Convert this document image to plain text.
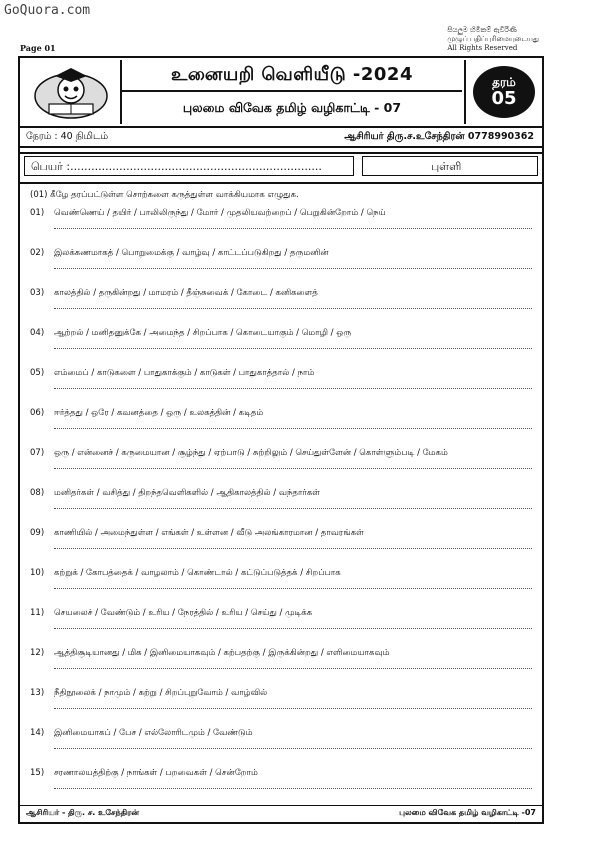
GoQuora.com
Page 01
සියලුම හිමිකම් ඇවිරිණි
முழுப் பதிப்புரிமையுடையது
All Rights Reserved
உனையறி வெளியீடு -2024
புலமை விவேக தமிழ் வழிகாட்டி - 07
தரம்
05
நேரம் : 40 நிமிடம்	ஆசிரியர் திரு.ச.உசேந்திரன் 0778990362
பெயர் :........................................................................	புள்ளி
(01) கீழே தரப்பட்டுள்ள சொற்களை கருத்துள்ள வாக்கியமாக எழுதுக.
01) வெண்ணெய் / தயிர் / பாலிலிருந்து / மோர் / முதலியவற்றைப் / பெறுகின்றோம் / நெய்
02) இலக்கணமாகத் / பொறுமைக்கு / வாழ்வு / காட்டப்படுகிறது / தருமனின்
03) காலத்தில் / தருகின்றது / மாமரம் / தீஞ்சுவைக் / கோடை / கனிகளைத்
04) ஆற்றல் / மனிதனுக்கே / அமைந்த / சிறப்பாக / கொடையாகும் / மொழி / ஒரு
05) எம்மைப் / காடுகளை / பாதுகாக்கும் / காடுகள் / பாதுகாத்தால் / நாம்
06) ஈர்த்தது / ஒரே / கவனத்தை / ஒரு / உலகத்தின் / கடிதம்
07) ஒரு / என்னைச் / கருமையான / சூழ்ந்து / ஏற்பாடு / சுற்றிலும் / செய்துள்ளேன் / கொள்ளும்படி / மேகம்
08) மனிதர்கள் / வசித்து / திறந்தவெளிகளில் / ஆதிகாலத்தில் / வந்தார்கள்
09) காணியில் / அமைந்துள்ள / எங்கள் / உள்ளன / வீடு அலங்காரமான / தாவரங்கள்
10) கற்றுக் / கோபத்தைக் / வாழலாம் / கொண்டால் / கட்டுப்படுத்தக் / சிறப்பாக
11) செயலைச் / வேண்டும் / உரிய / நேரத்தில் / உரிய / செய்து / முடிக்க
12) ஆத்திசூடியானது / மிக / இனிமையாகவும் / கற்பதற்கு / இருக்கின்றது / எளிமையாகவும்
13) நீதிநூலைக் / நாமும் / கற்று / சிறப்புறுவோம் / வாழ்வில்
14) இனிமையாகப் / பேச / எல்லோரிடமும் / வேண்டும்
15) சரணாலயத்திற்கு / நாங்கள் / பறவைகள் / சென்றோம்
ஆசிரியர் - திரு. ச. உசேந்திரன்	புலமை விவேக தமிழ் வழிகாட்டி -07
